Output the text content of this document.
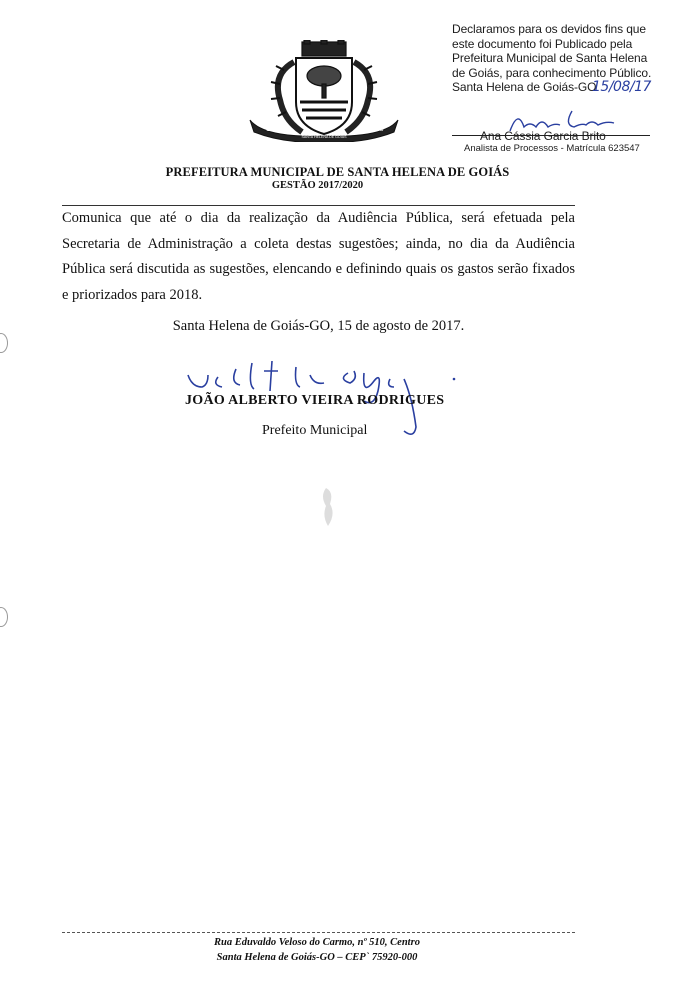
1932	1948
SANTA HELENA DE GOIÁS
Declaramos para os devidos fins que
este documento foi Publicado pela
Prefeitura Municipal de Santa Helena
de Goiás, para conhecimento Público.
Santa Helena de Goiás-GO
15/08/17
Ana Cássia Garcia Brito
Analista de Processos - Matrícula 623547
PREFEITURA MUNICIPAL DE SANTA HELENA DE GOIÁS
GESTÃO 2017/2020
Comunica que até o dia da realização da Audiência Pública, será efetuada pela Secretaria de Administração a coleta destas sugestões; ainda, no dia da Audiência Pública será discutida as sugestões, elencando e definindo quais os gastos serão fixados e priorizados para 2018.
Santa Helena de Goiás-GO, 15 de agosto de 2017.
JOÃO ALBERTO VIEIRA RODRIGUES
Prefeito Municipal
Rua Eduvaldo Veloso do Carmo, nº 510, Centro
Santa Helena de Goiás-GO – CEP` 75920-000
